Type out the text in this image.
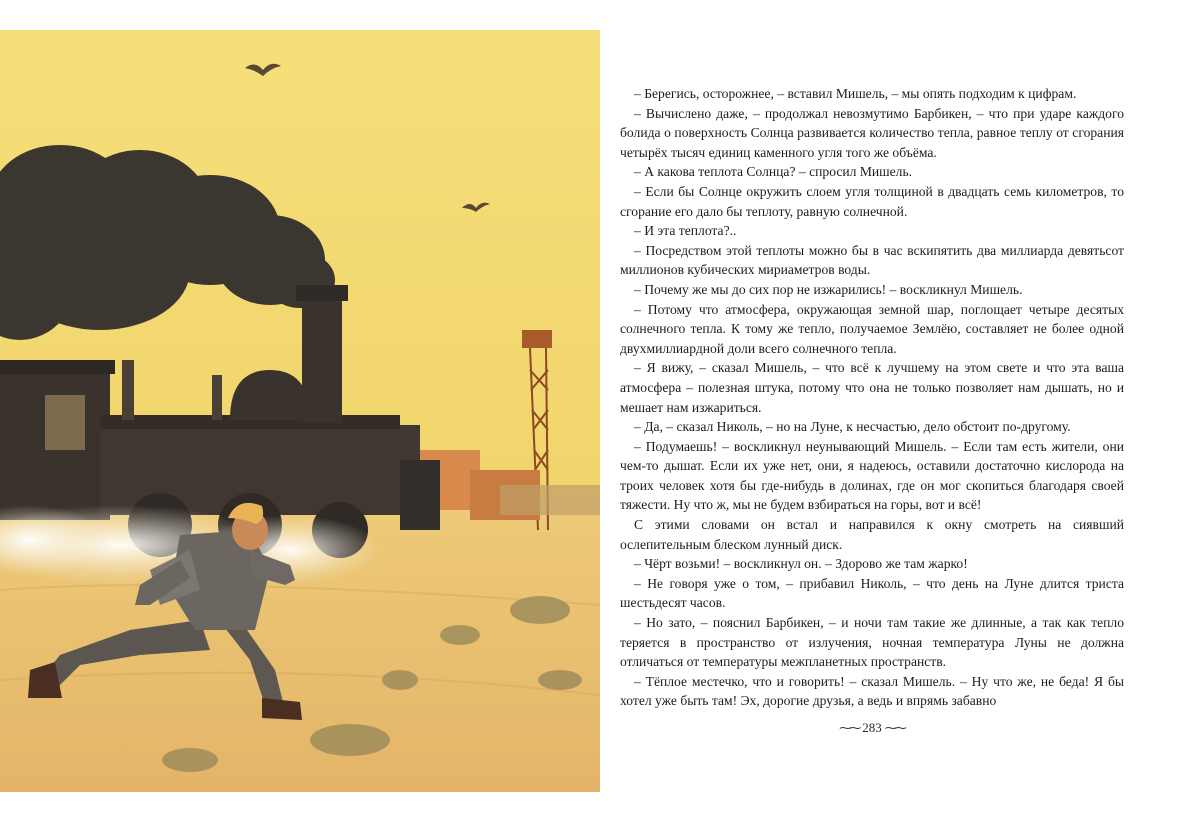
– Берегись, осторожнее, – вставил Мишель, – мы опять подходим к цифрам.

– Вычислено даже, – продолжал невозмутимо Барбикен, – что при ударе каждого болида о поверхность Солнца развивается количество тепла, равное теплу от сгорания четырёх тысяч единиц каменного угля того же объёма.

– А какова теплота Солнца? – спросил Мишель.

– Если бы Солнце окружить слоем угля толщиной в двадцать семь километров, то сгорание его дало бы теплоту, равную солнечной.

– И эта теплота?..

– Посредством этой теплоты можно бы в час вскипятить два миллиарда девятьсот миллионов кубических мириаметров воды.

– Почему же мы до сих пор не изжарились! – воскликнул Мишель.

– Потому что атмосфера, окружающая земной шар, поглощает четыре десятых солнечного тепла. К тому же тепло, получаемое Землёю, составляет не более одной двухмиллиардной доли всего солнечного тепла.

– Я вижу, – сказал Мишель, – что всё к лучшему на этом свете и что эта ваша атмосфера – полезная штука, потому что она не только позволяет нам дышать, но и мешает нам изжариться.

– Да, – сказал Николь, – но на Луне, к несчастью, дело обстоит по-другому.

– Подумаешь! – воскликнул неунывающий Мишель. – Если там есть жители, они чем-то дышат. Если их уже нет, они, я надеюсь, оставили достаточно кислорода на троих человек хотя бы где-нибудь в долинах, где он мог скопиться благодаря своей тяжести. Ну что ж, мы не будем взбираться на горы, вот и всё!

С этими словами он встал и направился к окну смотреть на сиявший ослепительным блеском лунный диск.

– Чёрт возьми! – воскликнул он. – Здорово же там жарко!

– Не говоря уже о том, – прибавил Николь, – что день на Луне длится триста шестьдесят часов.

– Но зато, – пояснил Барбикен, – и ночи там такие же длинные, а так как тепло теряется в пространство от излучения, ночная температура Луны не должна отличаться от температуры межпланетных пространств.

– Тёплое местечко, что и говорить! – сказал Мишель. – Ну что же, не беда! Я бы хотел уже быть там! Эх, дорогие друзья, а ведь и впрямь забавно

⁓⁓ 283 ⁓⁓
